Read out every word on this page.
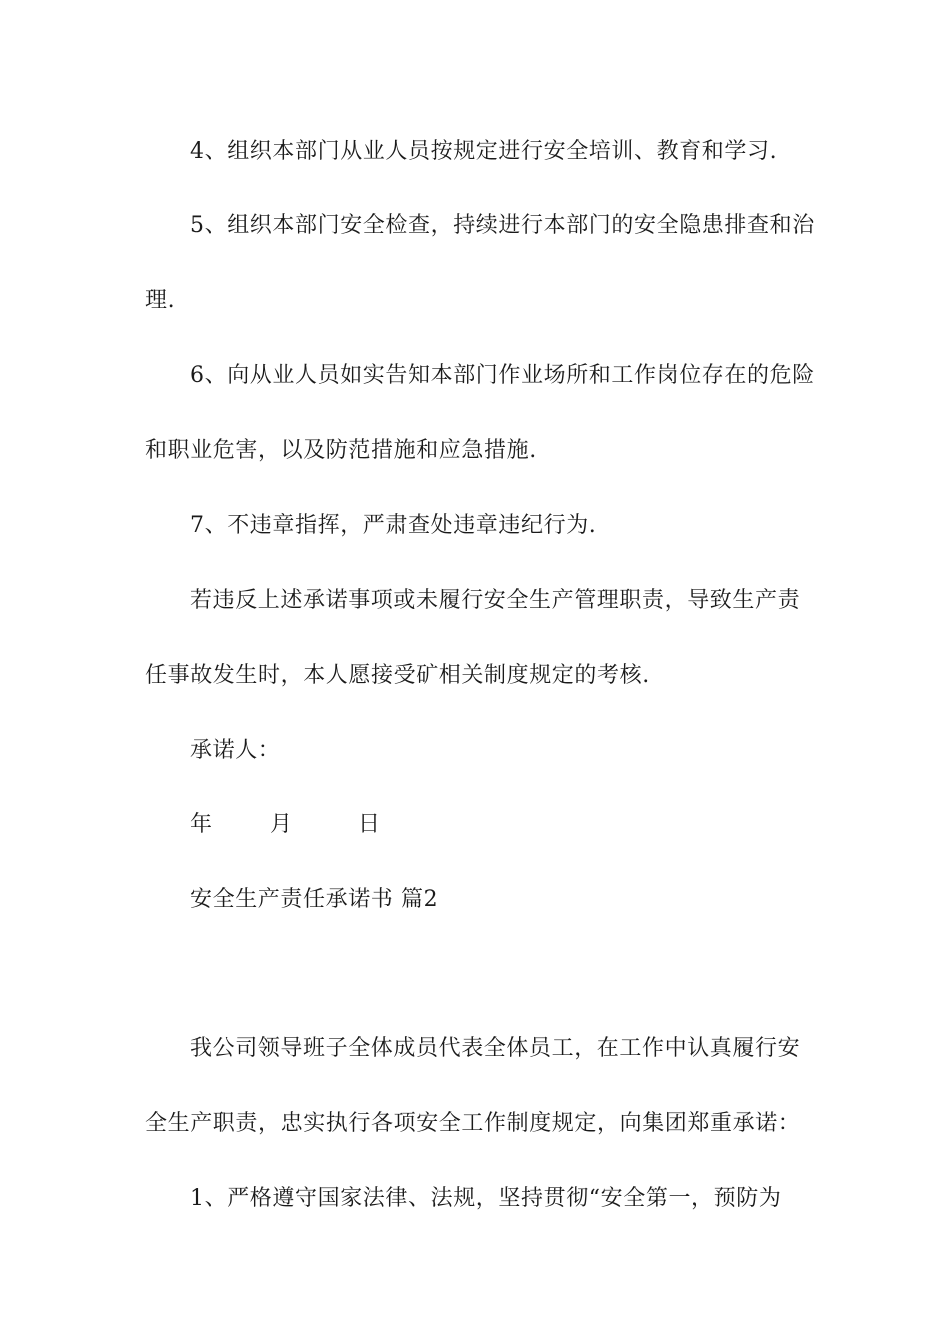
4、组织本部门从业人员按规定进行安全培训、教育和学习.
5、组织本部门安全检查，持续进行本部门的安全隐患排查和治
理.
6、向从业人员如实告知本部门作业场所和工作岗位存在的危险
和职业危害，以及防范措施和应急措施.
7、不违章指挥，严肃查处违章违纪行为.
若违反上述承诺事项或未履行安全生产管理职责，导致生产责
任事故发生时，本人愿接受矿相关制度规定的考核.
承诺人：
年	月	日
安全生产责任承诺书 篇2
我公司领导班子全体成员代表全体员工，在工作中认真履行安
全生产职责，忠实执行各项安全工作制度规定，向集团郑重承诺：
1、严格遵守国家法律、法规，坚持贯彻“安全第一，预防为
